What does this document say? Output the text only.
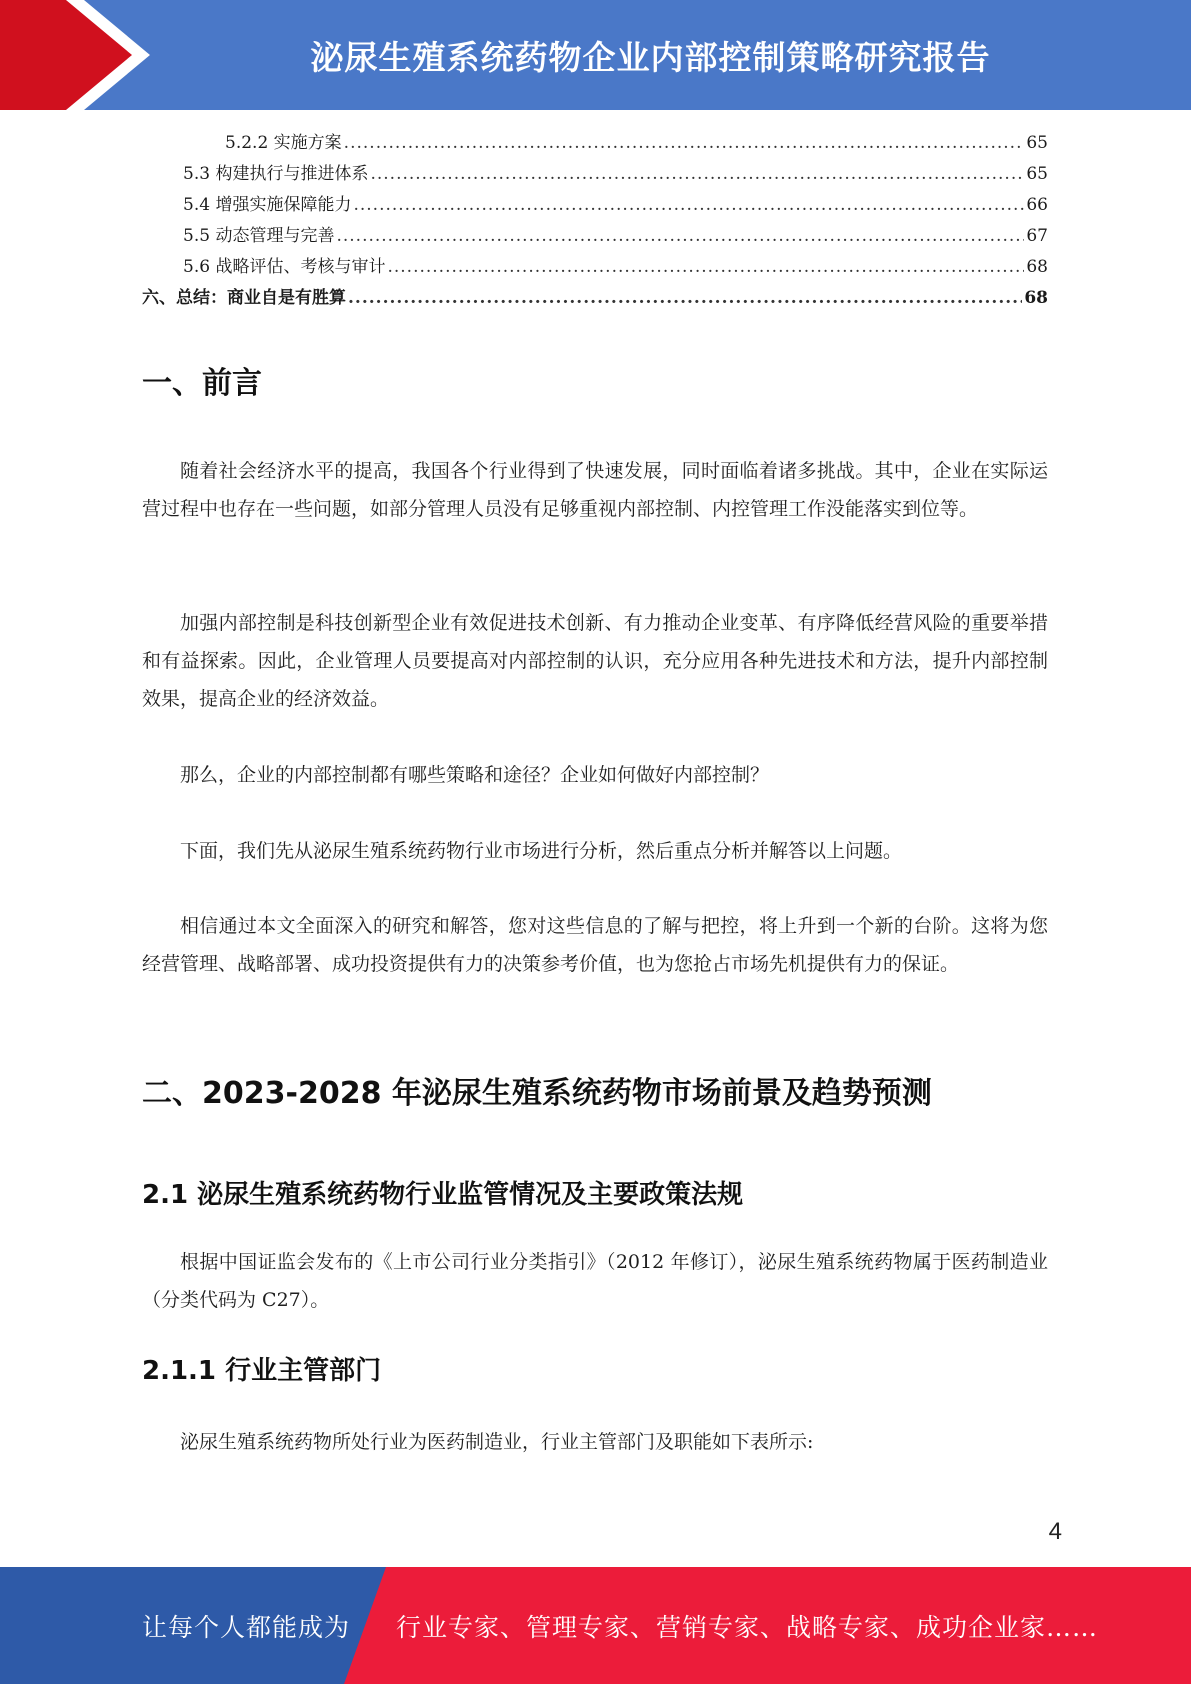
泌尿生殖系统药物企业内部控制策略研究报告
5.2.2 实施方案 .....	65
5.3 构建执行与推进体系 .....	65
5.4 增强实施保障能力 .....	66
5.5 动态管理与完善 .....	67
5.6 战略评估、考核与审计 .....	68
六、总结：商业自是有胜算 .....	68
一、前言

随着社会经济水平的提高，我国各个行业得到了快速发展，同时面临着诸多挑战。其中，企业在实际运营过程中也存在一些问题，如部分管理人员没有足够重视内部控制、内控管理工作没能落实到位等。

加强内部控制是科技创新型企业有效促进技术创新、有力推动企业变革、有序降低经营风险的重要举措和有益探索。因此，企业管理人员要提高对内部控制的认识，充分应用各种先进技术和方法，提升内部控制效果，提高企业的经济效益。

那么，企业的内部控制都有哪些策略和途径？企业如何做好内部控制？

下面，我们先从泌尿生殖系统药物行业市场进行分析，然后重点分析并解答以上问题。

相信通过本文全面深入的研究和解答，您对这些信息的了解与把控，将上升到一个新的台阶。这将为您经营管理、战略部署、成功投资提供有力的决策参考价值，也为您抢占市场先机提供有力的保证。

二、2023-2028 年泌尿生殖系统药物市场前景及趋势预测
2.1 泌尿生殖系统药物行业监管情况及主要政策法规

根据中国证监会发布的《上市公司行业分类指引》（2012 年修订），泌尿生殖系统药物属于医药制造业（分类代码为 C27）。

2.1.1 行业主管部门

泌尿生殖系统药物所处行业为医药制造业，行业主管部门及职能如下表所示:

4
让每个人都能成为 行业专家、管理专家、营销专家、战略专家、成功企业家……
